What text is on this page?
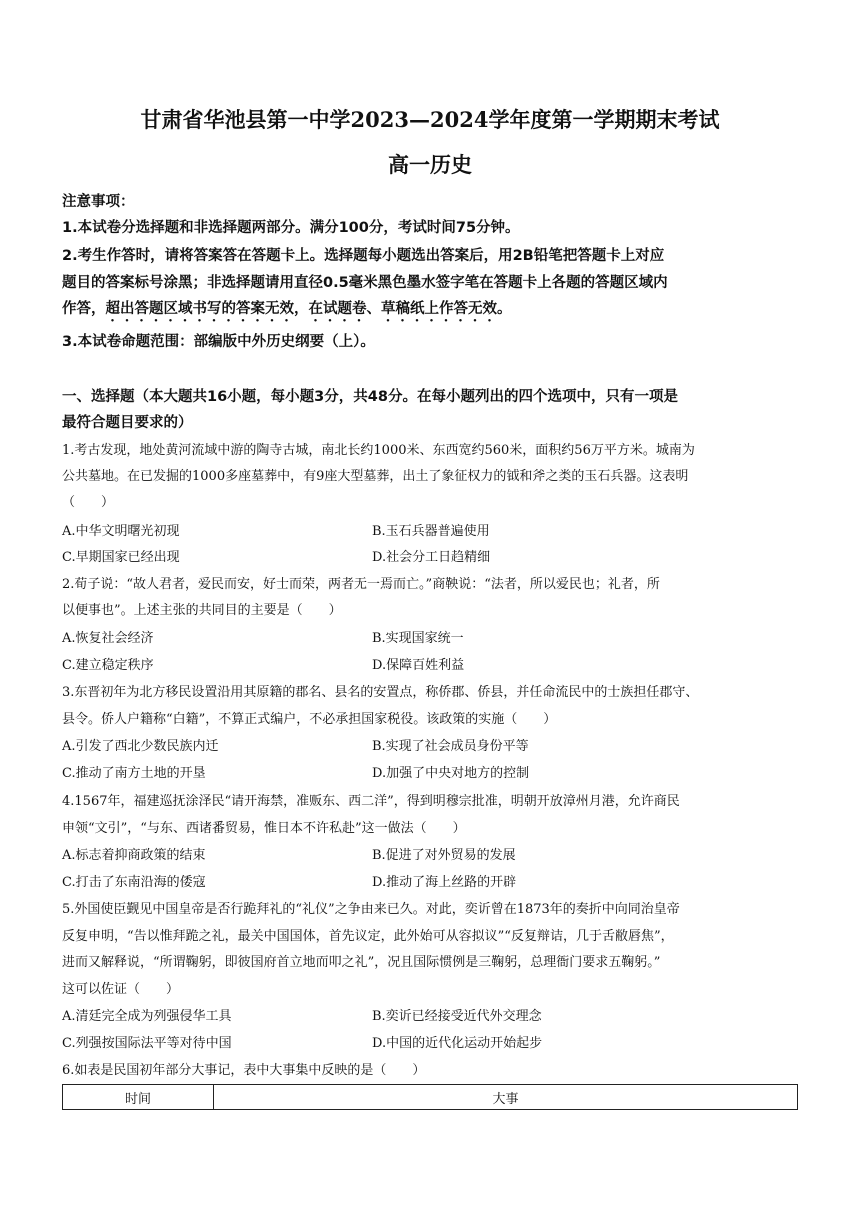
甘肃省华池县第一中学2023—2024学年度第一学期期末考试
高一历史
注意事项：
1.本试卷分选择题和非选择题两部分。满分100分，考试时间75分钟。
2.考生作答时，请将答案答在答题卡上。选择题每小题选出答案后，用2B铅笔把答题卡上对应
题目的答案标号涂黑；非选择题请用直径0.5毫米黑色墨水签字笔在答题卡上各题的答题区域内
作答，超出答题区域书写的答案无效，在试题卷、草稿纸上作答无效。
3.本试卷命题范围：部编版中外历史纲要（上）。
一、选择题（本大题共16小题，每小题3分，共48分。在每小题列出的四个选项中，只有一项是
最符合题目要求的）
1.考古发现，地处黄河流域中游的陶寺古城，南北长约1000米、东西宽约560米，面积约56万平方米。城南为
公共墓地。在已发掘的1000多座墓葬中，有9座大型墓葬，出土了象征权力的钺和斧之类的玉石兵器。这表明
（　　）
A.中华文明曙光初现	B.玉石兵器普遍使用
C.早期国家已经出现	D.社会分工日趋精细
2.荀子说：“故人君者，爱民而安，好士而荣，两者无一焉而亡。”商鞅说：“法者，所以爱民也；礼者，所
以便事也”。上述主张的共同目的主要是（　　）
A.恢复社会经济	B.实现国家统一
C.建立稳定秩序	D.保障百姓利益
3.东晋初年为北方移民设置沿用其原籍的郡名、县名的安置点，称侨郡、侨县，并任命流民中的士族担任郡守、
县令。侨人户籍称“白籍”，不算正式编户，不必承担国家税役。该政策的实施（　　）
A.引发了西北少数民族内迁	B.实现了社会成员身份平等
C.推动了南方土地的开垦	D.加强了中央对地方的控制
4.1567年，福建巡抚涂泽民“请开海禁，准贩东、西二洋”，得到明穆宗批准，明朝开放漳州月港，允许商民
申领“文引”，“与东、西诸番贸易，惟日本不许私赴”这一做法（　　）
A.标志着抑商政策的结束	B.促进了对外贸易的发展
C.打击了东南沿海的倭寇	D.推动了海上丝路的开辟
5.外国使臣觐见中国皇帝是否行跪拜礼的“礼仪”之争由来已久。对此，奕䜣曾在1873年的奏折中向同治皇帝
反复申明，“告以惟拜跪之礼，最关中国国体，首先议定，此外始可从容拟议”“反复辩诘，几于舌敝唇焦”，
进而又解释说，“所谓鞠躬，即彼国府首立地而叩之礼”，况且国际惯例是三鞠躬，总理衙门要求五鞠躬。”
这可以佐证（　　）
A.清廷完全成为列强侵华工具	B.奕䜣已经接受近代外交理念
C.列强按国际法平等对待中国	D.中国的近代化运动开始起步
6.如表是民国初年部分大事记，表中大事集中反映的是（　　）
时间	大事
